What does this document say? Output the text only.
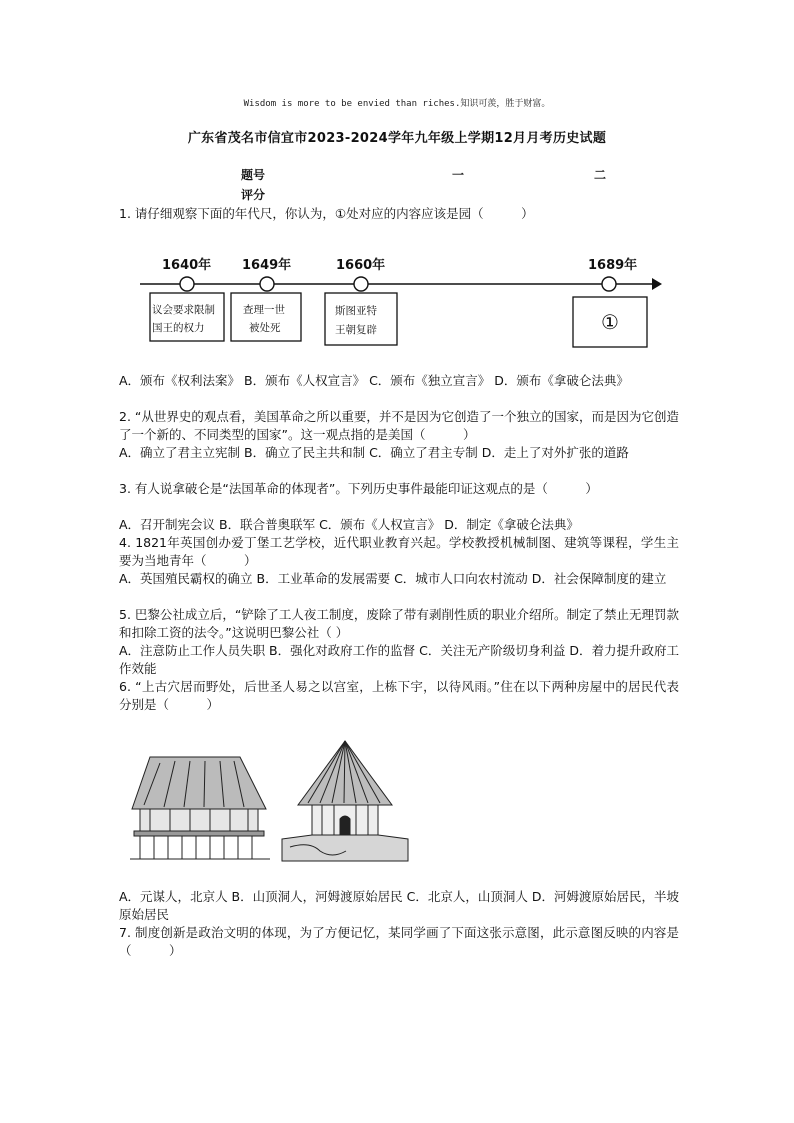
Wisdom is more to be envied than riches.知识可羡，胜于财富。
广东省茂名市信宜市2023-2024学年九年级上学期12月月考历史试题
题号	一	二
评分

1. 请仔细观察下面的年代尺，你认为，①处对应的内容应该是园（　　　）

1640年 1649年	1660年	1689年
议会要求限制
国王的权力
查理一世
被处死
斯图亚特
王朝复辟	①

A．颁布《权利法案》 B．颁布《人权宣言》 C．颁布《独立宣言》 D．颁布《拿破仑法典》

2. “从世界史的观点看，美国革命之所以重要，并不是因为它创造了一个独立的国家，而是因为它创造了一个新的、不同类型的国家”。这一观点指的是美国（　　　）

A．确立了君主立宪制 B．确立了民主共和制 C．确立了君主专制 D．走上了对外扩张的道路

3. 有人说拿破仑是“法国革命的体现者”。下列历史事件最能印证这观点的是（　　　）

A．召开制宪会议 B．联合普奥联军 C．颁布《人权宣言》 D．制定《拿破仑法典》

4. 1821年英国创办爱丁堡工艺学校，近代职业教育兴起。学校教授机械制图、建筑等课程，学生主要为当地青年（　　　）

A．英国殖民霸权的确立 B．工业革命的发展需要 C．城市人口向农村流动 D．社会保障制度的建立

5. 巴黎公社成立后，“铲除了工人夜工制度，废除了带有剥削性质的职业介绍所。制定了禁止无理罚款和扣除工资的法令。”这说明巴黎公社（ ）

A．注意防止工作人员失职 B．强化对政府工作的监督 C．关注无产阶级切身利益 D．着力提升政府工作效能

6. “上古穴居而野处，后世圣人易之以宫室，上栋下宇，以待风雨。”住在以下两种房屋中的居民代表分别是（　　　）

A．元谋人，北京人 B．山顶洞人，河姆渡原始居民 C．北京人，山顶洞人 D．河姆渡原始居民，半坡原始居民

7. 制度创新是政治文明的体现，为了方便记忆，某同学画了下面这张示意图，此示意图反映的内容是（　　　）
